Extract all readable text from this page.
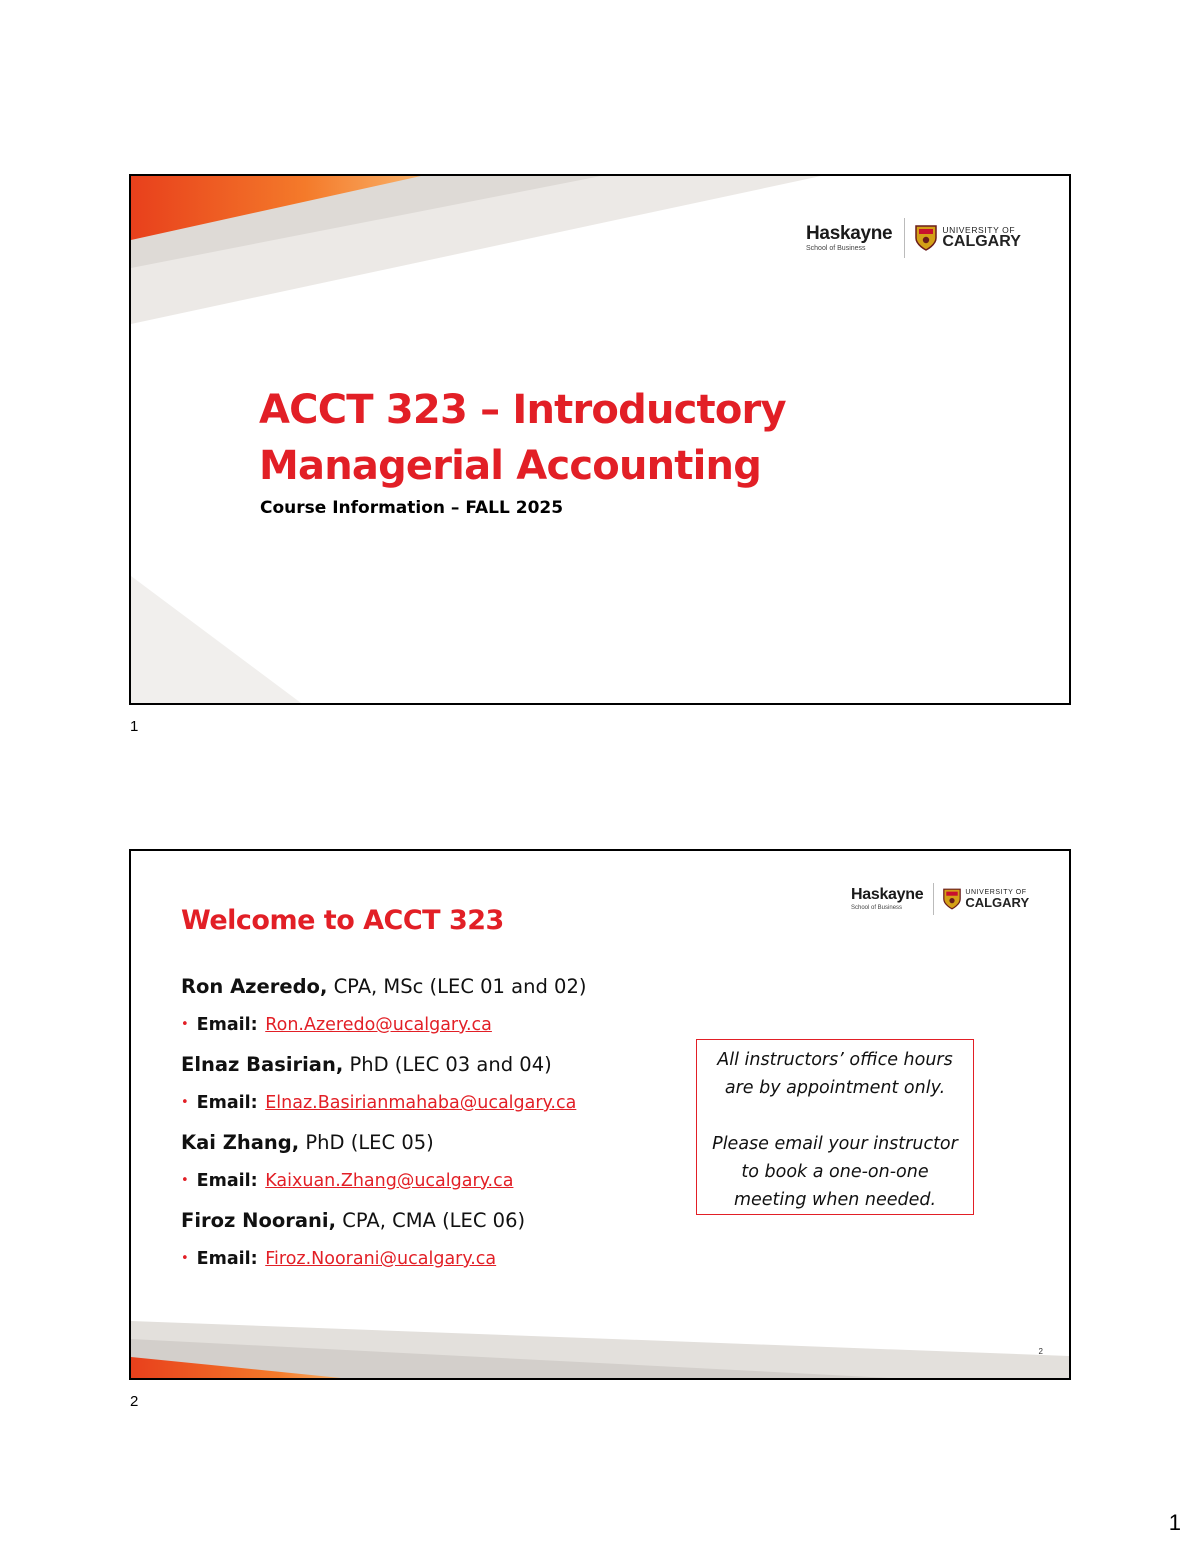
Haskayne
School of Business
UNIVERSITY OF
CALGARY
ACCT 323 – Introductory
Managerial Accounting

Course Information – FALL 2025

1
Haskayne
School of Business
UNIVERSITY OF
CALGARY
Welcome to ACCT 323
Ron Azeredo, CPA, MSc (LEC 01 and 02)
• Email: Ron.Azeredo@ucalgary.ca
Elnaz Basirian, PhD (LEC 03 and 04)
• Email: Elnaz.Basirianmahaba@ucalgary.ca
Kai Zhang, PhD (LEC 05)
• Email: Kaixuan.Zhang@ucalgary.ca
Firoz Noorani, CPA, CMA (LEC 06)
• Email: Firoz.Noorani@ucalgary.ca

All instructors’ office hours

are by appointment only.

Please email your instructor

to book a one-on-one

meeting when needed.

2
2
1
